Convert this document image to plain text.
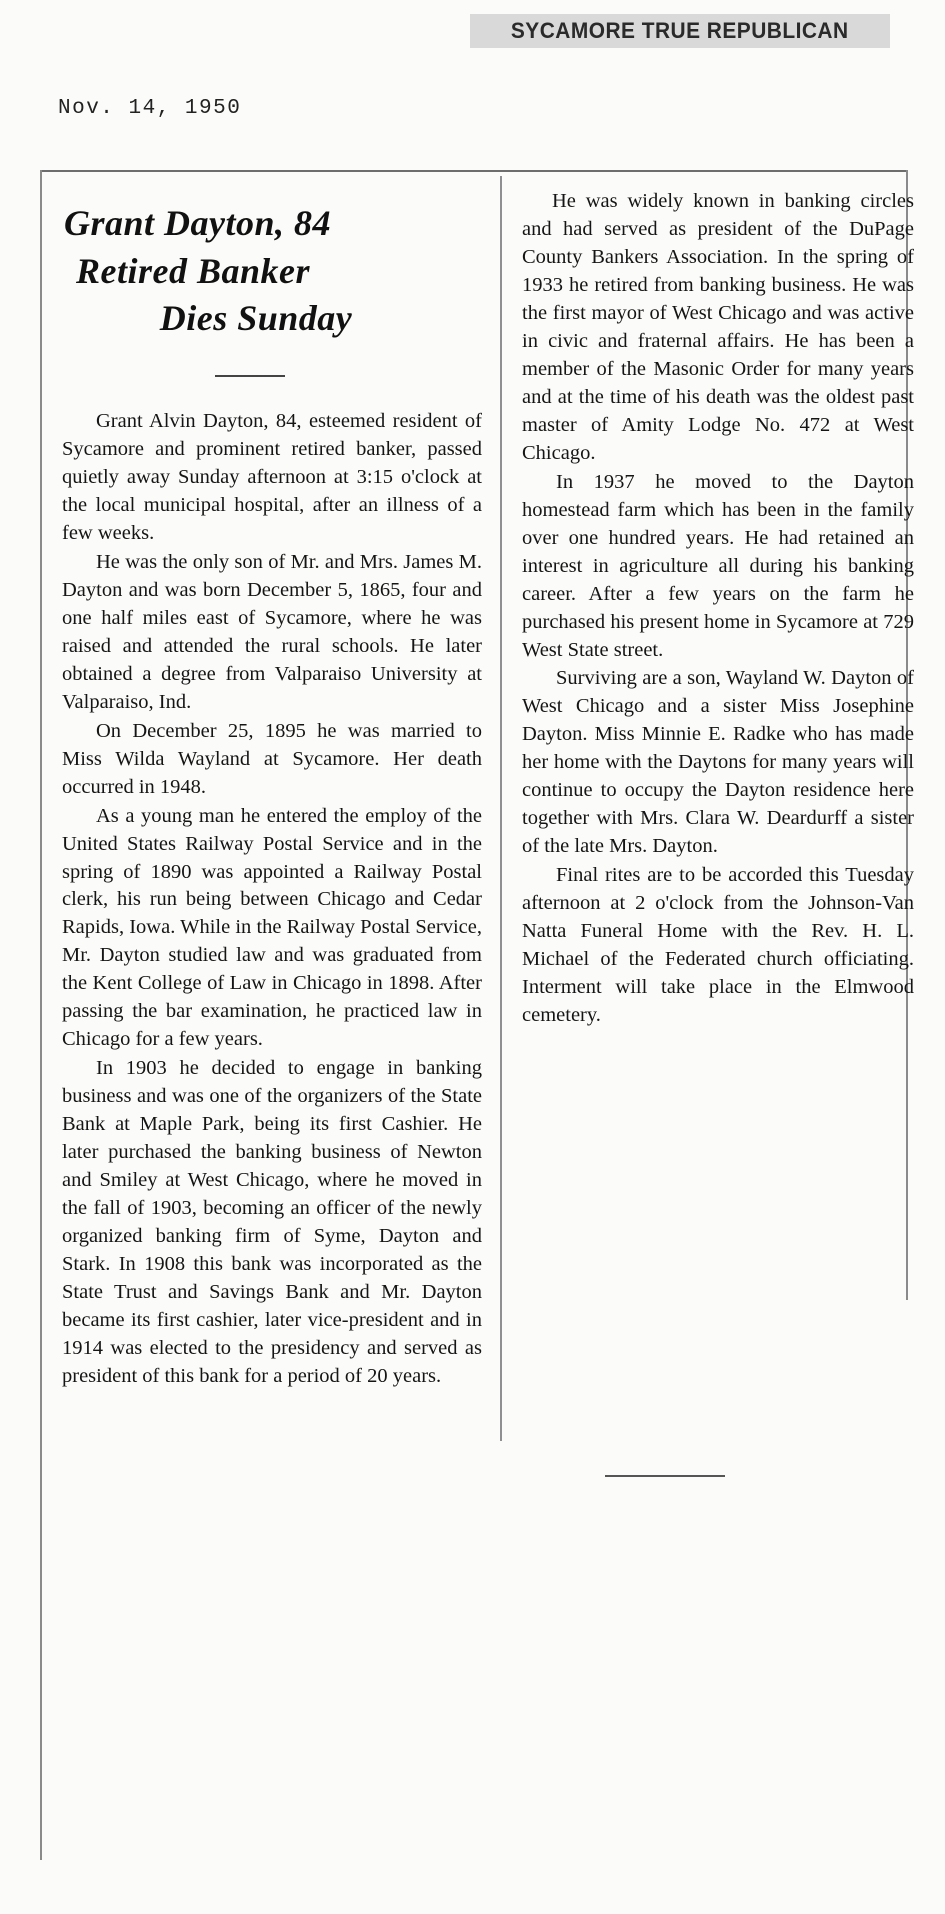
SYCAMORE TRUE REPUBLICAN
Nov. 14, 1950
Grant Dayton, 84
Retired Banker
Dies Sunday

Grant Alvin Dayton, 84, esteemed resident of Sycamore and prominent retired banker, passed quietly away Sunday afternoon at 3:15 o'clock at the local municipal hospital, after an illness of a few weeks.

He was the only son of Mr. and Mrs. James M. Dayton and was born December 5, 1865, four and one half miles east of Sycamore, where he was raised and attended the rural schools. He later obtained a degree from Valparaiso University at Valparaiso, Ind.

On December 25, 1895 he was married to Miss Wilda Wayland at Sycamore. Her death occurred in 1948.

As a young man he entered the employ of the United States Railway Postal Service and in the spring of 1890 was appointed a Railway Postal clerk, his run being between Chicago and Cedar Rapids, Iowa. While in the Railway Postal Service, Mr. Dayton studied law and was graduated from the Kent College of Law in Chicago in 1898. After passing the bar examination, he practiced law in Chicago for a few years.

In 1903 he decided to engage in banking business and was one of the organizers of the State Bank at Maple Park, being its first Cashier. He later purchased the banking business of Newton and Smiley at West Chicago, where he moved in the fall of 1903, becoming an officer of the newly organized banking firm of Syme, Dayton and Stark. In 1908 this bank was incorporated as the State Trust and Savings Bank and Mr. Dayton became its first cashier, later vice-president and in 1914 was elected to the presidency and served as president of this bank for a period of 20 years.

He was widely known in banking circles and had served as president of the DuPage County Bankers Association. In the spring of 1933 he retired from banking business. He was the first mayor of West Chicago and was active in civic and fraternal affairs. He has been a member of the Masonic Order for many years and at the time of his death was the oldest past master of Amity Lodge No. 472 at West Chicago.

In 1937 he moved to the Dayton homestead farm which has been in the family over one hundred years. He had retained an interest in agriculture all during his banking career. After a few years on the farm he purchased his present home in Sycamore at 729 West State street.

Surviving are a son, Wayland W. Dayton of West Chicago and a sister Miss Josephine Dayton. Miss Minnie E. Radke who has made her home with the Daytons for many years will continue to occupy the Dayton residence here together with Mrs. Clara W. Deardurff a sister of the late Mrs. Dayton.

Final rites are to be accorded this Tuesday afternoon at 2 o'clock from the Johnson-Van Natta Funeral Home with the Rev. H. L. Michael of the Federated church officiating. Interment will take place in the Elmwood cemetery.
